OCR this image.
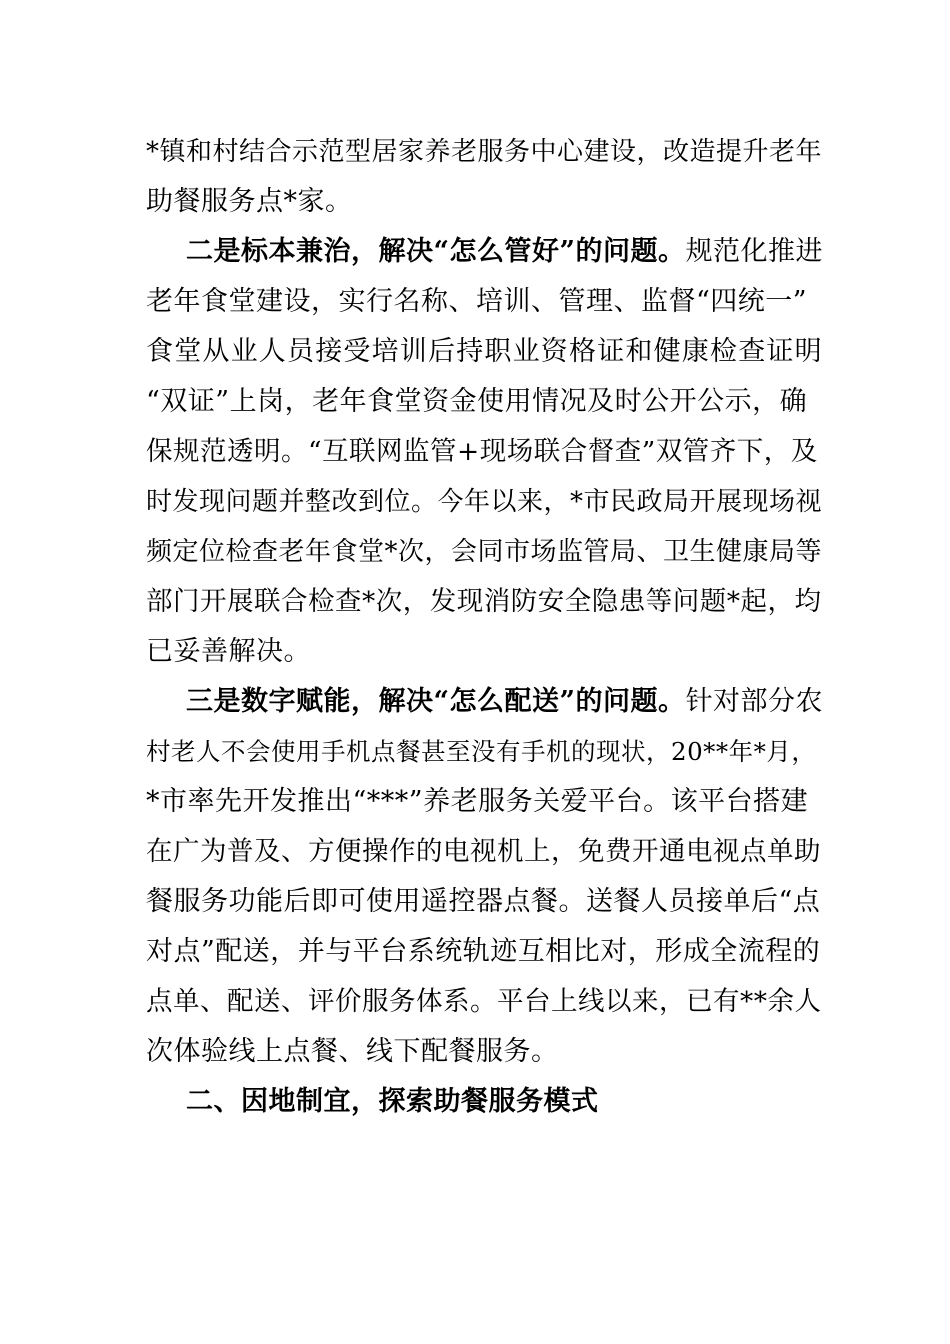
*镇和村结合示范型居家养老服务中心建设，改造提升老年
助餐服务点*家。
二是标本兼治，解决“怎么管好”的问题。规范化推进
老年食堂建设，实行名称、培训、管理、监督“四统一”
食堂从业人员接受培训后持职业资格证和健康检查证明
“双证”上岗，老年食堂资金使用情况及时公开公示，确
保规范透明。“互联网监管+现场联合督查”双管齐下，及
时发现问题并整改到位。今年以来，*市民政局开展现场视
频定位检查老年食堂*次，会同市场监管局、卫生健康局等
部门开展联合检查*次，发现消防安全隐患等问题*起，均
已妥善解决。
三是数字赋能，解决“怎么配送”的问题。针对部分农
村老人不会使用手机点餐甚至没有手机的现状，20**年*月，
*市率先开发推出“***”养老服务关爱平台。该平台搭建
在广为普及、方便操作的电视机上，免费开通电视点单助
餐服务功能后即可使用遥控器点餐。送餐人员接单后“点
对点”配送，并与平台系统轨迹互相比对，形成全流程的
点单、配送、评价服务体系。平台上线以来，已有**余人
次体验线上点餐、线下配餐服务。
二、因地制宜，探索助餐服务模式
